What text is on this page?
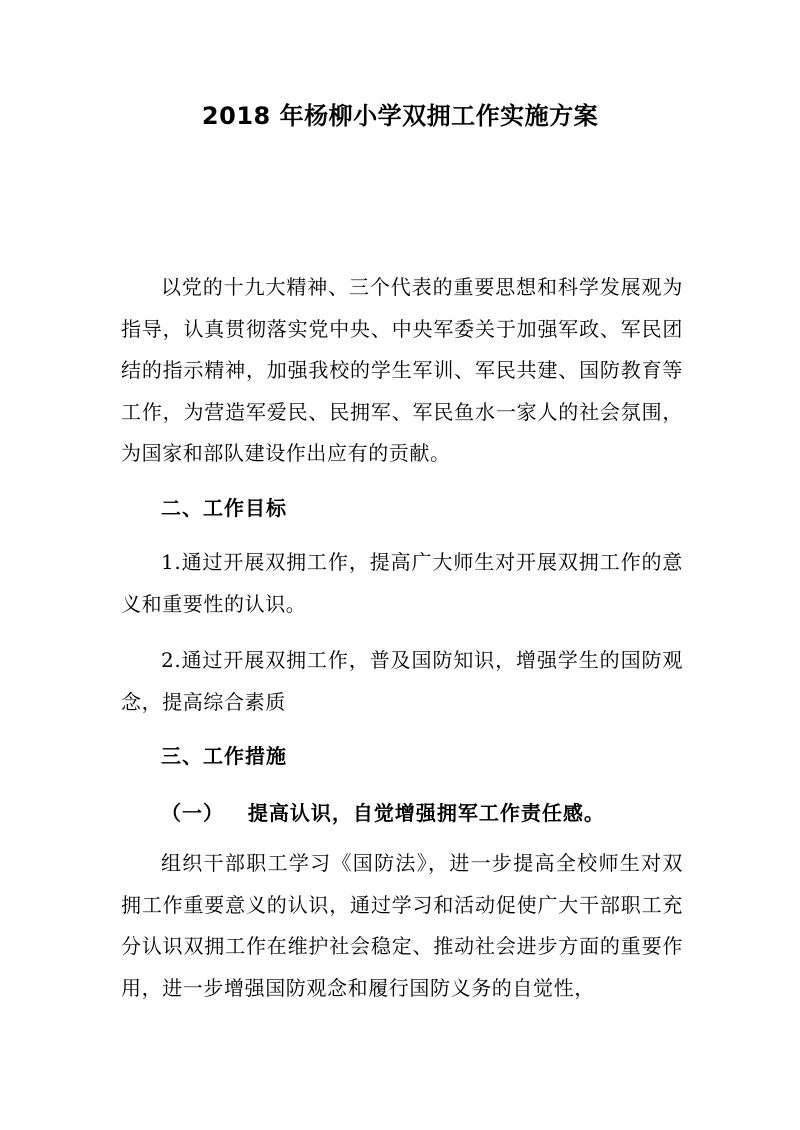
2018 年杨柳小学双拥工作实施方案

以党的十九大精神、三个代表的重要思想和科学发展观为指导，认真贯彻落实党中央、中央军委关于加强军政、军民团结的指示精神，加强我校的学生军训、军民共建、国防教育等工作，为营造军爱民、民拥军、军民鱼水一家人的社会氛围，为国家和部队建设作出应有的贡献。

二、工作目标

1.通过开展双拥工作，提高广大师生对开展双拥工作的意义和重要性的认识。

2.通过开展双拥工作，普及国防知识，增强学生的国防观念，提高综合素质

三、工作措施
（一）   提高认识，自觉增强拥军工作责任感。

组织干部职工学习《国防法》，进一步提高全校师生对双拥工作重要意义的认识，通过学习和活动促使广大干部职工充分认识双拥工作在维护社会稳定、推动社会进步方面的重要作用，进一步增强国防观念和履行国防义务的自觉性，
